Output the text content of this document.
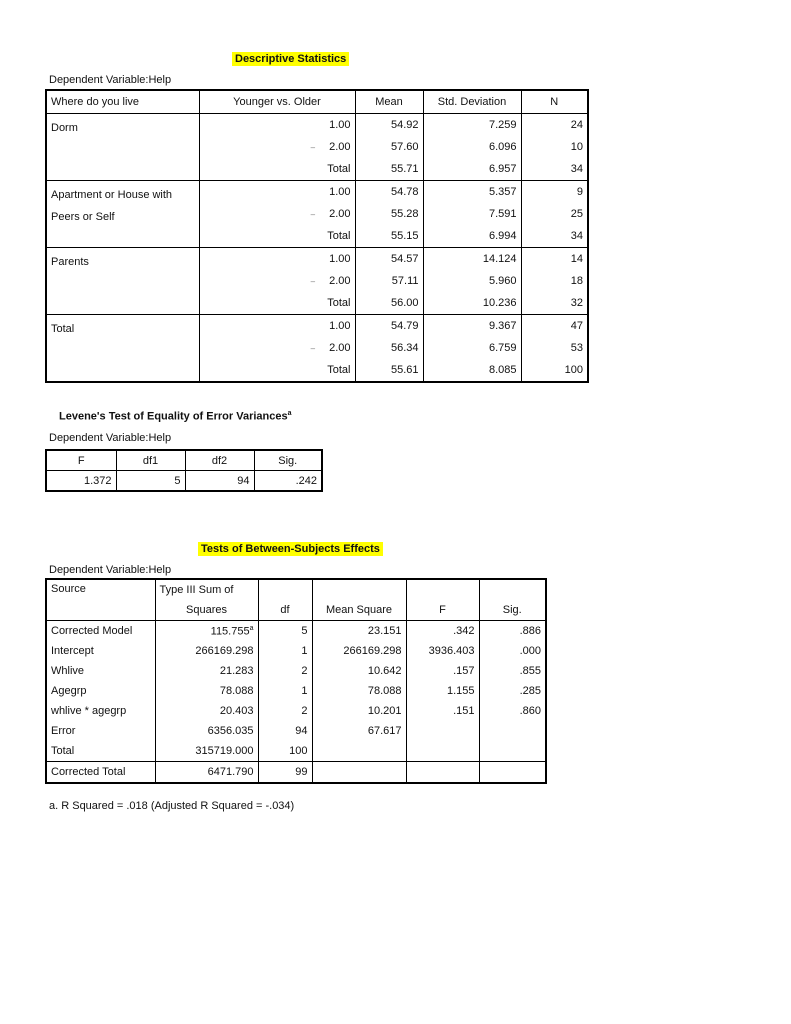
Descriptive Statistics
Dependent Variable:Help
Where do you live	Younger vs. Older	Mean	Std. Deviation	N

Dorm	1.00	54.92	7.259	24
	– 2.00	57.60	6.096	10
	Total	55.71	6.957	34

Apartment or House with
Peers or Self	1.00	54.78	5.357	9
	– 2.00	55.28	7.591	25
	Total	55.15	6.994	34

Parents	1.00	54.57	14.124	14
	– 2.00	57.11	5.960	18
	Total	56.00	10.236	32

Total	1.00	54.79	9.367	47
	– 2.00	56.34	6.759	53
	Total	55.61	8.085	100
Levene's Test of Equality of Error Variances$^a$
Dependent Variable:Help
F	df1	df2	Sig.
1.372	5	94	.242
Tests of Between-Subjects Effects
Dependent Variable:Help
Source	Type III Sum of				
	Squares	df	Mean Square	F	Sig.
Corrected Model	115.755$^a$	5	23.151	.342	.886
Intercept	266169.298	1	266169.298	3936.403	.000
Whlive	21.283	2	10.642	.157	.855
Agegrp	78.088	1	78.088	1.155	.285
whlive * agegrp	20.403	2	10.201	.151	.860
Error	6356.035	94	67.617		
Total	315719.000	100			
Corrected Total	6471.790	99			
a. R Squared = .018 (Adjusted R Squared = -.034)
